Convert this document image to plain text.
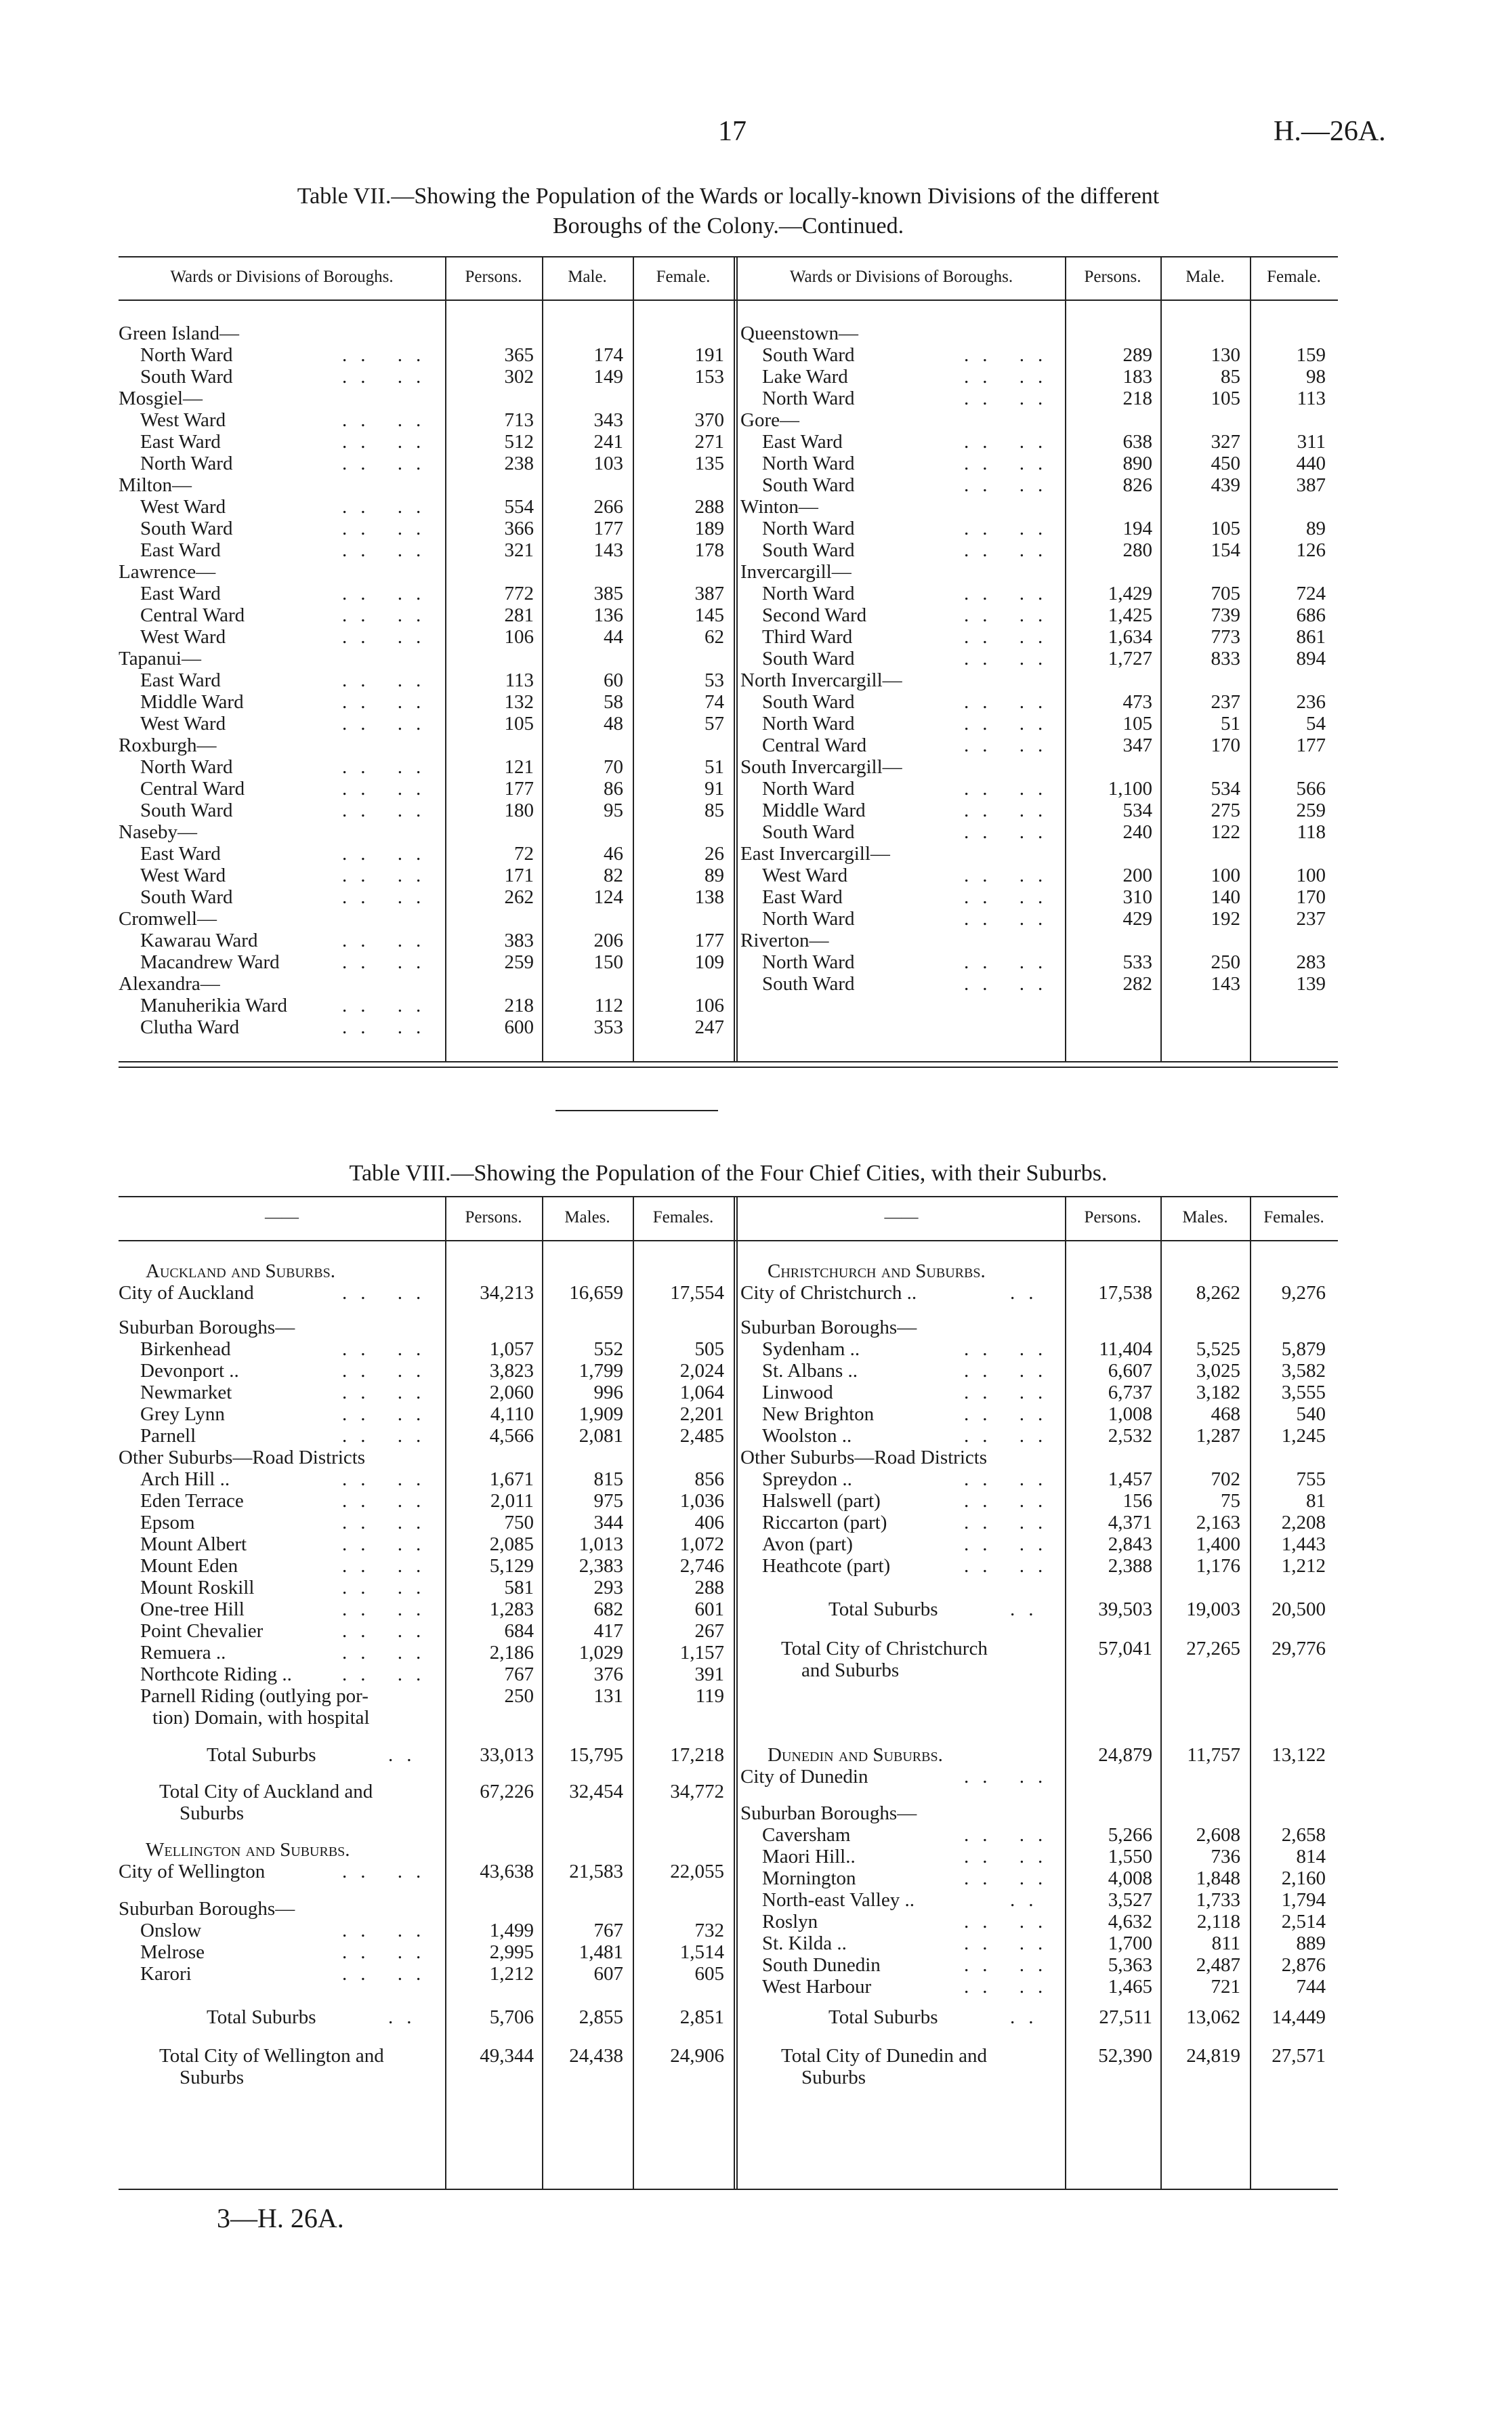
17	H.—26A.
Table VII.—Showing the Population of the Wards or locally-known Divisions of the different
Boroughs of the Colony.—Continued.
Wards or Divisions of Boroughs.	Persons.	Male.	Female.	Wards or Divisions of Boroughs.	Persons.	Male.	Female.
Green Island—
North Ward	.. ..	365	174	191
South Ward	.. ..	302	149	153
Mosgiel—
West Ward	.. ..	713	343	370
East Ward	.. ..	512	241	271
North Ward	.. ..	238	103	135
Milton—
West Ward	.. ..	554	266	288
South Ward	.. ..	366	177	189
East Ward	.. ..	321	143	178
Lawrence—
East Ward	.. ..	772	385	387
Central Ward	.. ..	281	136	145
West Ward	.. ..	106	44	62
Tapanui—
East Ward	.. ..	113	60	53
Middle Ward	.. ..	132	58	74
West Ward	.. ..	105	48	57
Roxburgh—
North Ward	.. ..	121	70	51
Central Ward	.. ..	177	86	91
South Ward	.. ..	180	95	85
Naseby—
East Ward	.. ..	72	46	26
West Ward	.. ..	171	82	89
South Ward	.. ..	262	124	138
Cromwell—
Kawarau Ward	.. ..	383	206	177
Macandrew Ward	.. ..	259	150	109
Alexandra—
Manuherikia Ward	.. ..	218	112	106
Clutha Ward	.. ..	600	353	247
Queenstown—
South Ward	.. ..	289	130	159
Lake Ward	.. ..	183	85	98
North Ward	.. ..	218	105	113
Gore—
East Ward	.. ..	638	327	311
North Ward	.. ..	890	450	440
South Ward	.. ..	826	439	387
Winton—
North Ward	.. ..	194	105	89
South Ward	.. ..	280	154	126
Invercargill—
North Ward	.. ..	1,429	705	724
Second Ward	.. ..	1,425	739	686
Third Ward	.. ..	1,634	773	861
South Ward	.. ..	1,727	833	894
North Invercargill—
South Ward	.. ..	473	237	236
North Ward	.. ..	105	51	54
Central Ward	.. ..	347	170	177
South Invercargill—
North Ward	.. ..	1,100	534	566
Middle Ward	.. ..	534	275	259
South Ward	.. ..	240	122	118
East Invercargill—
West Ward	.. ..	200	100	100
East Ward	.. ..	310	140	170
North Ward	.. ..	429	192	237
Riverton—
North Ward	.. ..	533	250	283
South Ward	.. ..	282	143	139
Table VIII.—Showing the Population of the Four Chief Cities, with their Suburbs.
——	Persons.	Males.	Females.	——	Persons.	Males.	Females.
Auckland and Suburbs.
City of Auckland	.. .. 34,213 16,659 17,554
Suburban Boroughs—
Birkenhead	.. ..	1,057	552	505
Devonport ..	.. ..	3,823 1,799	2,024
Newmarket	.. ..	2,060	996	1,064
Grey Lynn	.. ..	4,110 1,909	2,201
Parnell	.. ..	4,566 2,081	2,485
Other Suburbs—Road Districts
Arch Hill ..	.. ..	1,671	815	856
Eden Terrace	.. ..	2,011	975	1,036
Epsom	.. ..	750	344	406
Mount Albert	.. ..	2,085 1,013	1,072
Mount Eden	.. ..	5,129 2,383	2,746
Mount Roskill	.. ..	581	293	288
One-tree Hill	.. ..	1,283	682	601
Point Chevalier	.. ..	684	417	267
Remuera ..	.. ..	2,186 1,029	1,157
Northcote Riding ..	.. ..	767	376	391
Parnell Riding (outlying por-	250	131	119
tion) Domain, with hospital
Total Suburbs	..	33,013 15,795 17,218
Total City of Auckland and	67,226 32,454 34,772
Suburbs
Wellington and Suburbs.
City of Wellington	.. .. 43,638 21,583 22,055
Suburban Boroughs—
Onslow	.. ..	1,499	767	732
Melrose	.. ..	2,995 1,481	1,514
Karori	.. ..	1,212	607	605
Total Suburbs	..	5,706 2,855	2,851
Total City of Wellington and	49,344 24,438 24,906
Suburbs
Christchurch and Suburbs.
City of Christchurch ..	..	17,538 8,262 9,276
Suburban Boroughs—
Sydenham ..	.. .. 11,404 5,525 5,879
St. Albans ..	.. ..	6,607 3,025 3,582
Linwood	.. ..	6,737 3,182 3,555
New Brighton	.. ..	1,008	468	540
Woolston ..	.. ..	2,532 1,287 1,245
Other Suburbs—Road Districts
Spreydon ..	.. ..	1,457	702	755
Halswell (part)	.. ..	156	75	81
Riccarton (part)	.. ..	4,371 2,163 2,208
Avon (part)	.. ..	2,843 1,400 1,443
Heathcote (part)	.. ..	2,388 1,176 1,212
Total Suburbs	..	39,503 19,003 20,500
Total City of Christchurch	57,041 27,265 29,776
and Suburbs
Dunedin and Suburbs.	24,879 11,757 13,122
City of Dunedin	.. ..
Suburban Boroughs—
Caversham	.. ..	5,266 2,608 2,658
Maori Hill..	.. ..	1,550	736	814
Mornington	.. ..	4,008 1,848 2,160
North-east Valley ..	..	3,527 1,733 1,794
Roslyn	.. ..	4,632 2,118 2,514
St. Kilda ..	.. ..	1,700	811	889
South Dunedin	.. ..	5,363 2,487 2,876
West Harbour	.. ..	1,465	721	744
Total Suburbs	..	27,511 13,062 14,449
Total City of Dunedin and	52,390 24,819 27,571
Suburbs
3—H. 26A.
